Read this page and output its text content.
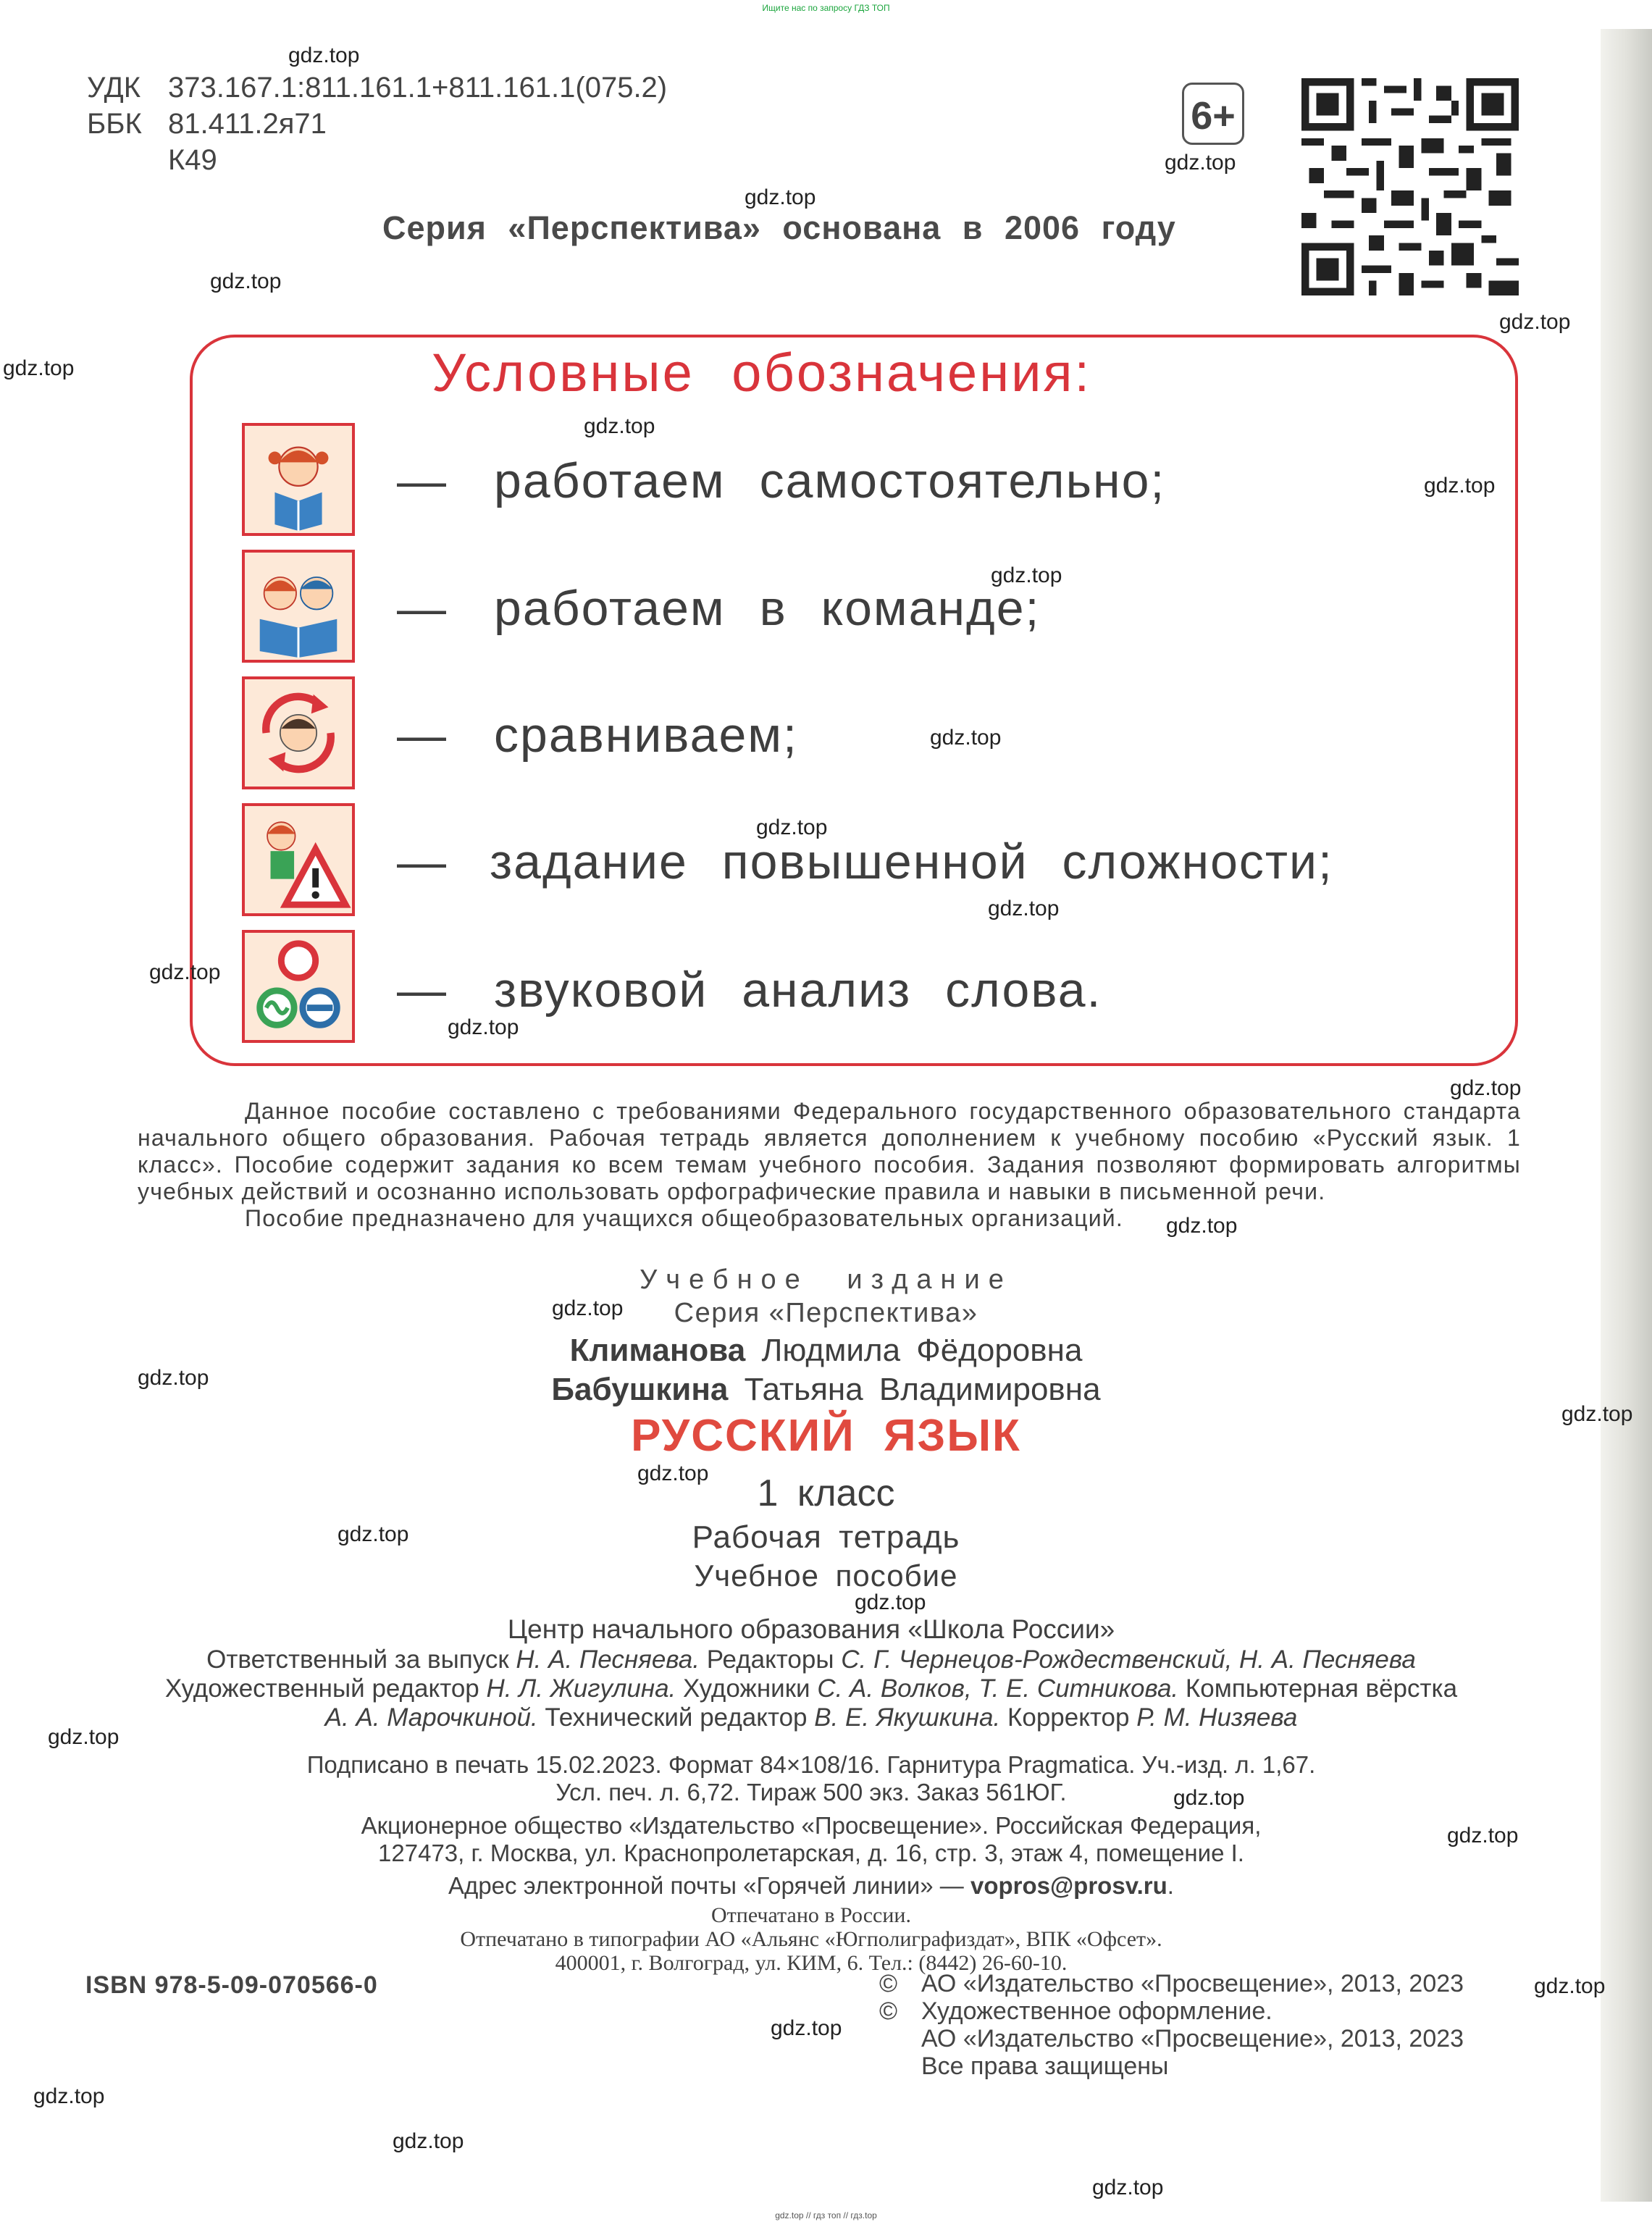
Ищите нас по запросу ГДЗ ТОП
УДК 373.167.1:811.161.1+811.161.1(075.2)
ББК 81.411.2я71
К49
6+
Серия «Перспектива» основана в 2006 году
Условные обозначения:
—
—
—
—
—
работаем самостоятельно;
работаем в команде;
сравниваем;
задание повышенной сложности;
звуковой анализ слова.

Данное пособие составлено с требованиями Федерального государственного образовательного стандарта начального общего образования. Рабочая тетрадь является дополнением к учебному пособию «Русский язык. 1 класс». Пособие содержит задания ко всем темам учебного пособия. Задания позволяют формировать алгоритмы учебных действий и осознанно использовать орфографические правила и навыки в письменной речи.

Пособие предназначено для учащихся общеобразовательных организаций.

Учебное издание
Серия «Перспектива»
Климанова Людмила Фёдоровна
Бабушкина Татьяна Владимировна
РУССКИЙ ЯЗЫК
1 класс
Рабочая тетрадь
Учебное пособие
Центр начального образования «Школа России»
Ответственный за выпуск Н. А. Песняева. Редакторы С. Г. Чернецов-Рождественский, Н. А. Песняева
Художественный редактор Н. Л. Жигулина. Художники С. А. Волков, Т. Е. Ситникова. Компьютерная вёрстка
А. А. Марочкиной. Технический редактор В. Е. Якушкина. Корректор Р. М. Низяева
Подписано в печать 15.02.2023. Формат 84×108/16. Гарнитура Pragmatica. Уч.-изд. л. 1,67.
Усл. печ. л. 6,72. Тираж 500 экз. Заказ 561ЮГ.
Акционерное общество «Издательство «Просвещение». Российская Федерация,
127473, г. Москва, ул. Краснопролетарская, д. 16, стр. 3, этаж 4, помещение I.
Адрес электронной почты «Горячей линии» — vopros@prosv.ru.
Отпечатано в России.
Отпечатано в типографии АО «Альянс «Югполиграфиздат», ВПК «Офсет».
400001, г. Волгоград, ул. КИМ, 6. Тел.: (8442) 26-60-10.
ISBN 978-5-09-070566-0	© АО «Издательство «Просвещение», 2013, 2023
© Художественное оформление.
АО «Издательство «Просвещение», 2013, 2023
Все права защищены
gdz.top
gdz.top
gdz.top
gdz.top
gdz.top
gdz.top
gdz.top
gdz.top
gdz.top
gdz.top
gdz.top
gdz.top
gdz.top
gdz.top
gdz.top
gdz.top
gdz.top
gdz.top
gdz.top
gdz.top
gdz.top
gdz.top
gdz.top
gdz.top
gdz.top
gdz.top
gdz.top
gdz.top
gdz.top
gdz.top
gdz.top // гдз топ // гдз.top
